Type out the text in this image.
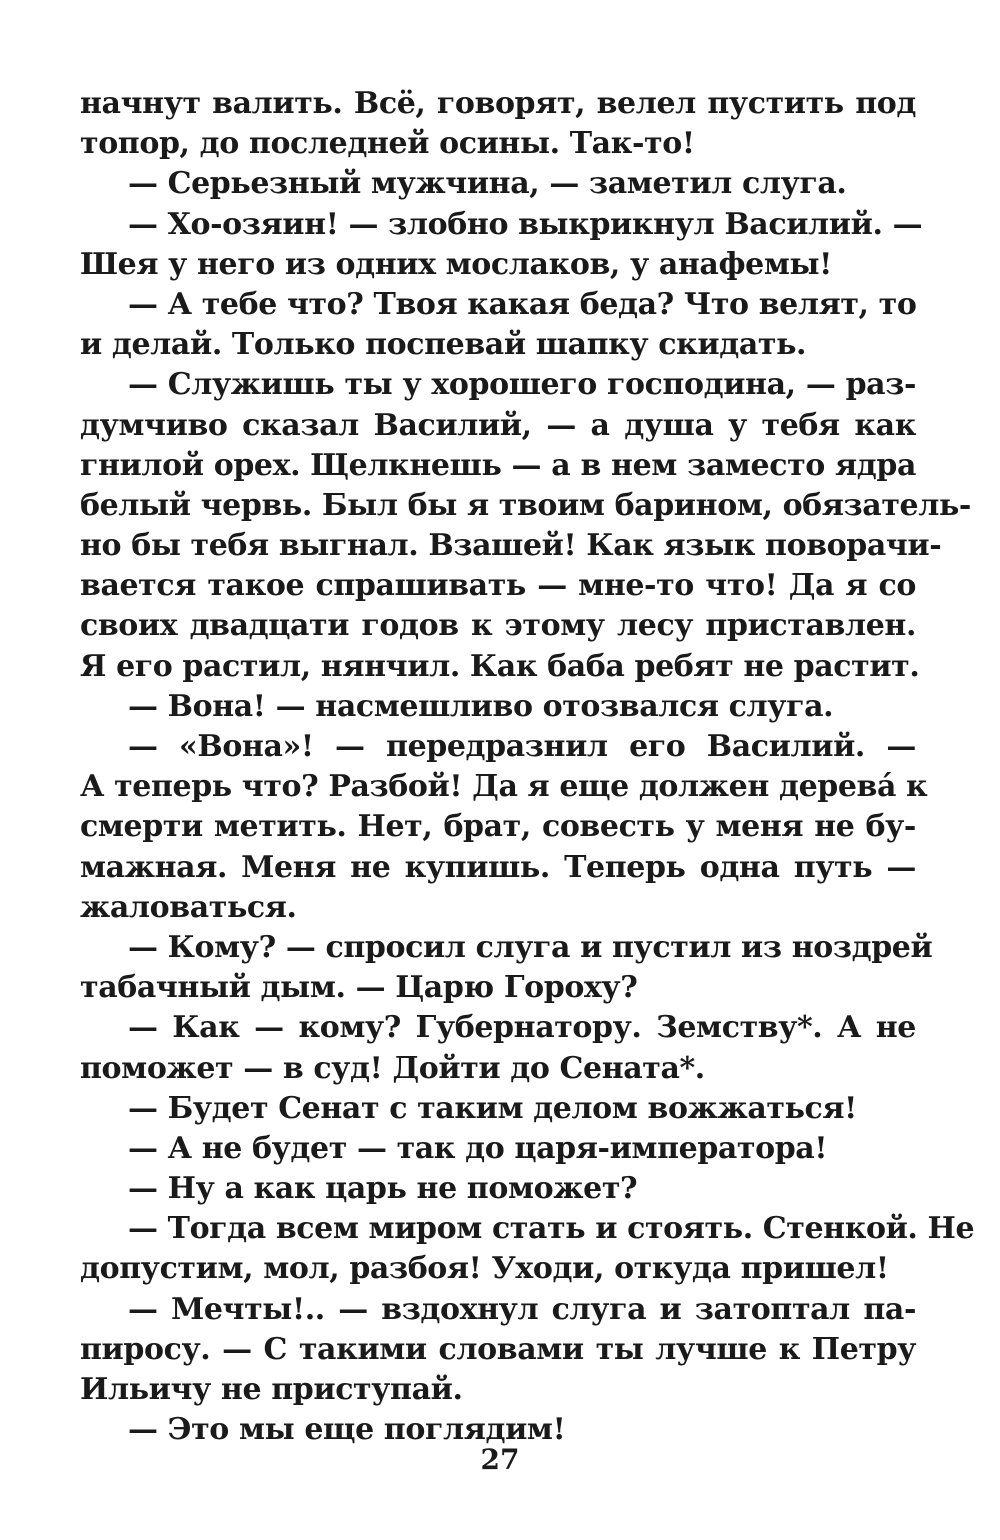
начнут валить. Всё, говорят, велел пустить под
топор, до последней осины. Так-то!
— Серьезный мужчина, — заметил слуга.
— Хо-озяин! — злобно выкрикнул Василий. —
Шея у него из одних мослаков, у анафемы!
— А тебе что? Твоя какая беда? Что велят, то
и делай. Только поспевай шапку скидать.
— Служишь ты у хорошего господина, — раз-
думчиво сказал Василий, — а душа у тебя как
гнилой орех. Щелкнешь — а в нем заместо ядра
белый червь. Был бы я твоим барином, обязатель-
но бы тебя выгнал. Взашей! Как язык поворачи-
вается такое спрашивать — мне-то что! Да я со
своих двадцати годов к этому лесу приставлен.
Я его растил, нянчил. Как баба ребят не растит.
— Вона! — насмешливо отозвался слуга.
— «Вона»! — передразнил его Василий. —
А теперь что? Разбой! Да я еще должен деревá к
смерти метить. Нет, брат, совесть у меня не бу-
мажная. Меня не купишь. Теперь одна путь —
жаловаться.
— Кому? — спросил слуга и пустил из ноздрей
табачный дым. — Царю Гороху?
— Как — кому? Губернатору. Земству*. А не
поможет — в суд! Дойти до Сената*.
— Будет Сенат с таким делом вожжаться!
— А не будет — так до царя-императора!
— Ну а как царь не поможет?
— Тогда всем миром стать и стоять. Стенкой. Не
допустим, мол, разбоя! Уходи, откуда пришел!
— Мечты!.. — вздохнул слуга и затоптал па-
пиросу. — С такими словами ты лучше к Петру
Ильичу не приступай.
— Это мы еще поглядим!
27
